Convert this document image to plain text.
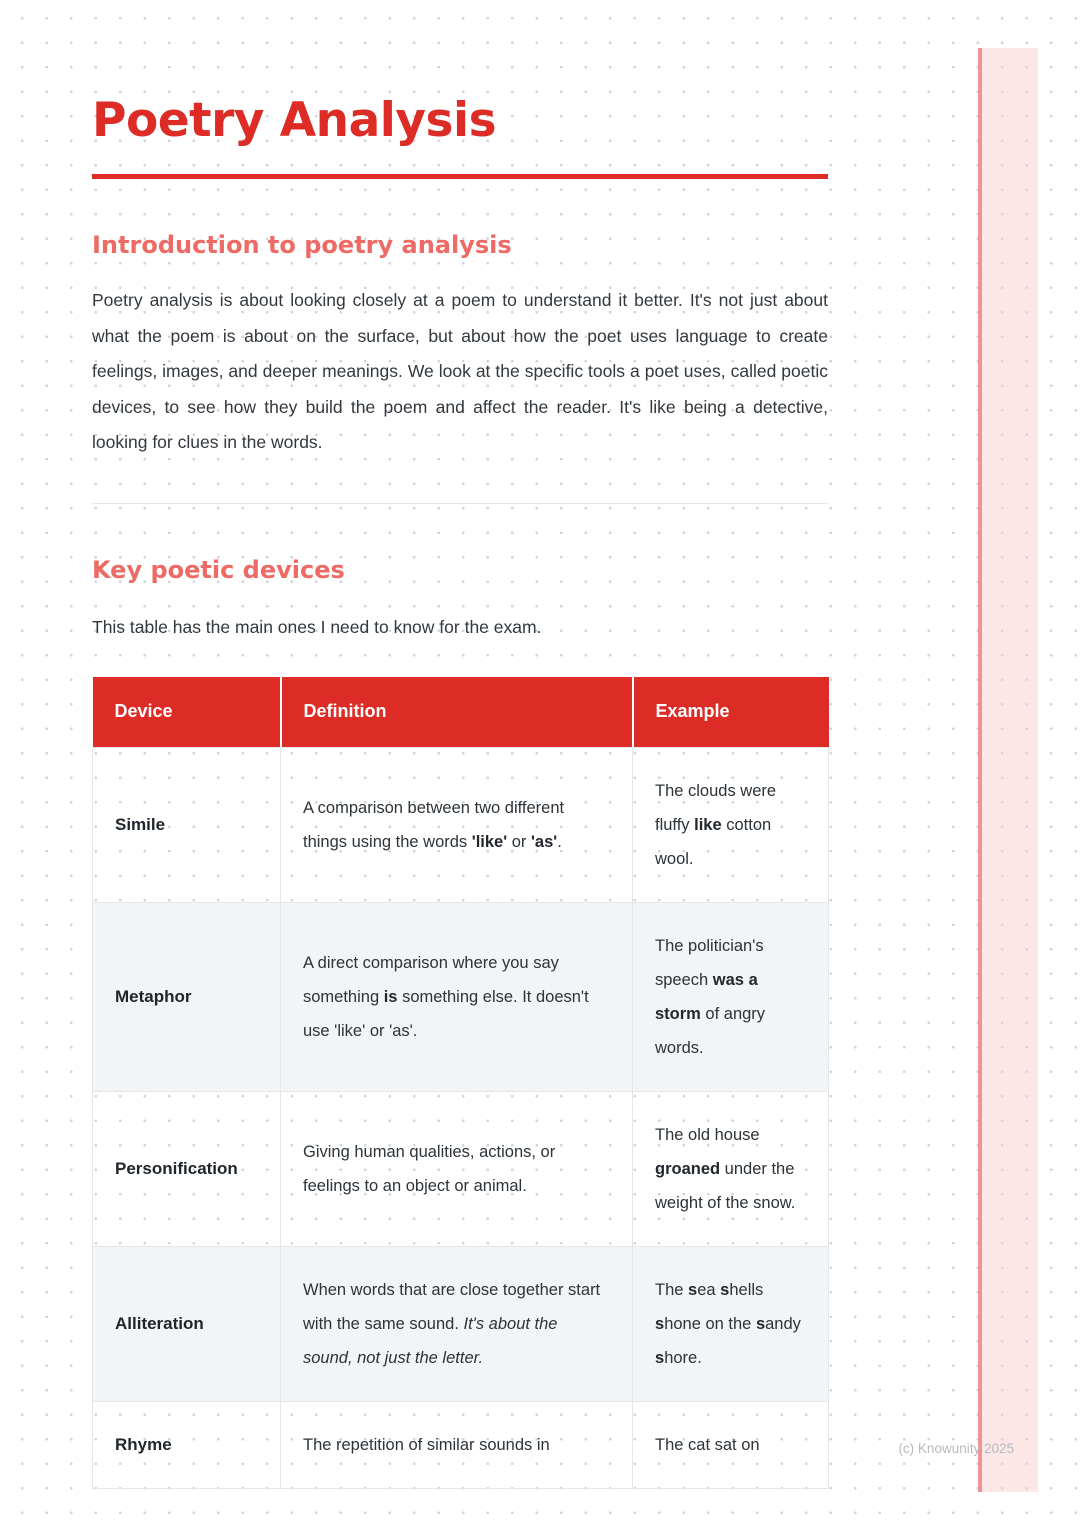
Poetry Analysis
Introduction to poetry analysis

Poetry analysis is about looking closely at a poem to understand it better. It's not just about what the poem is about on the surface, but about how the poet uses language to create feelings, images, and deeper meanings. We look at the specific tools a poet uses, called poetic devices, to see how they build the poem and affect the reader. It's like being a detective, looking for clues in the words.

Key poetic devices

This table has the main ones I need to know for the exam.

Device	Definition	Example
Simile	A comparison between two different things using the words 'like' or 'as'.	The clouds were fluffy like cotton wool.
Metaphor	A direct comparison where you say something is something else. It doesn't use 'like' or 'as'.	The politician's speech was a storm of angry words.
Personification	Giving human qualities, actions, or feelings to an object or animal.	The old house groaned under the weight of the snow.
Alliteration	When words that are close together start with the same sound. It's about the sound, not just the letter.	The sea shells shone on the sandy shore.
Rhyme	The repetition of similar sounds in	The cat sat on	(c) Knowunity 2025
